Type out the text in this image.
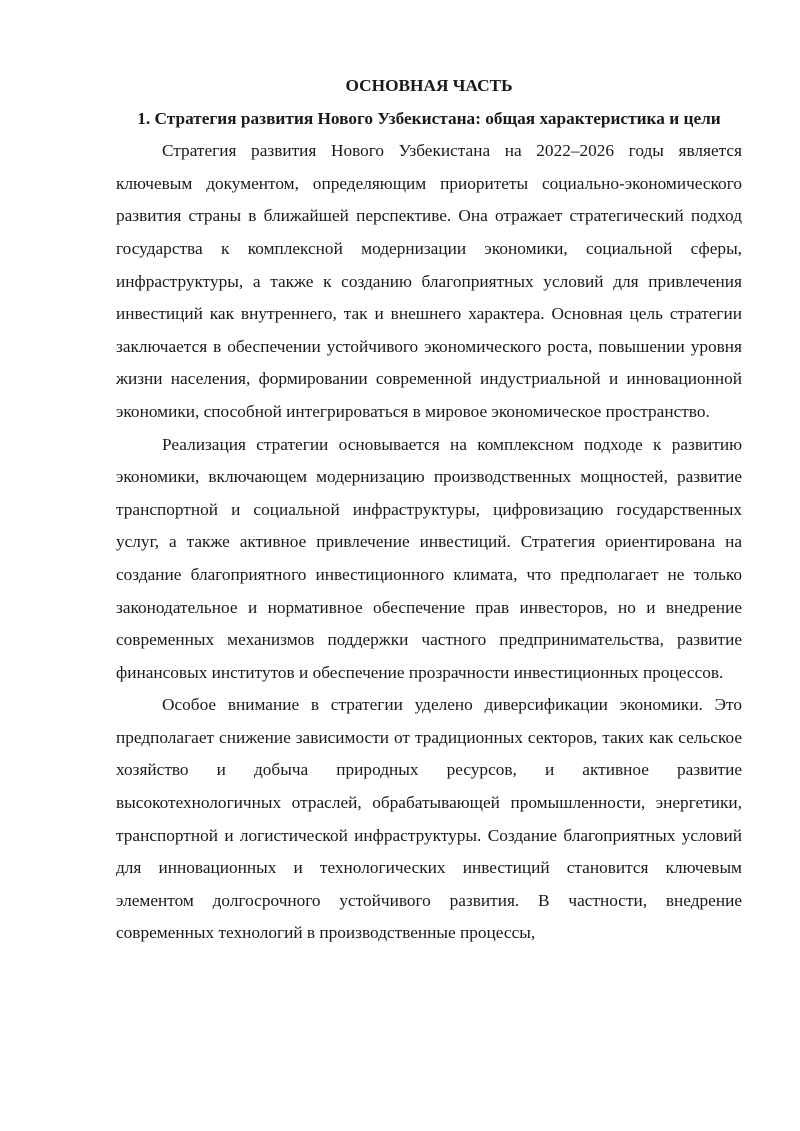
ОСНОВНАЯ ЧАСТЬ

1. Стратегия развития Нового Узбекистана: общая характеристика и цели

Стратегия развития Нового Узбекистана на 2022–2026 годы является ключевым документом, определяющим приоритеты социально-экономического развития страны в ближайшей перспективе. Она отражает стратегический подход государства к комплексной модернизации экономики, социальной сферы, инфраструктуры, а также к созданию благоприятных условий для привлечения инвестиций как внутреннего, так и внешнего характера. Основная цель стратегии заключается в обеспечении устойчивого экономического роста, повышении уровня жизни населения, формировании современной индустриальной и инновационной экономики, способной интегрироваться в мировое экономическое пространство.

Реализация стратегии основывается на комплексном подходе к развитию экономики, включающем модернизацию производственных мощностей, развитие транспортной и социальной инфраструктуры, цифровизацию государственных услуг, а также активное привлечение инвестиций. Стратегия ориентирована на создание благоприятного инвестиционного климата, что предполагает не только законодательное и нормативное обеспечение прав инвесторов, но и внедрение современных механизмов поддержки частного предпринимательства, развитие финансовых институтов и обеспечение прозрачности инвестиционных процессов.

Особое внимание в стратегии уделено диверсификации экономики. Это предполагает снижение зависимости от традиционных секторов, таких как сельское хозяйство и добыча природных ресурсов, и активное развитие высокотехнологичных отраслей, обрабатывающей промышленности, энергетики, транспортной и логистической инфраструктуры. Создание благоприятных условий для инновационных и технологических инвестиций становится ключевым элементом долгосрочного устойчивого развития. В частности, внедрение современных технологий в производственные процессы,
